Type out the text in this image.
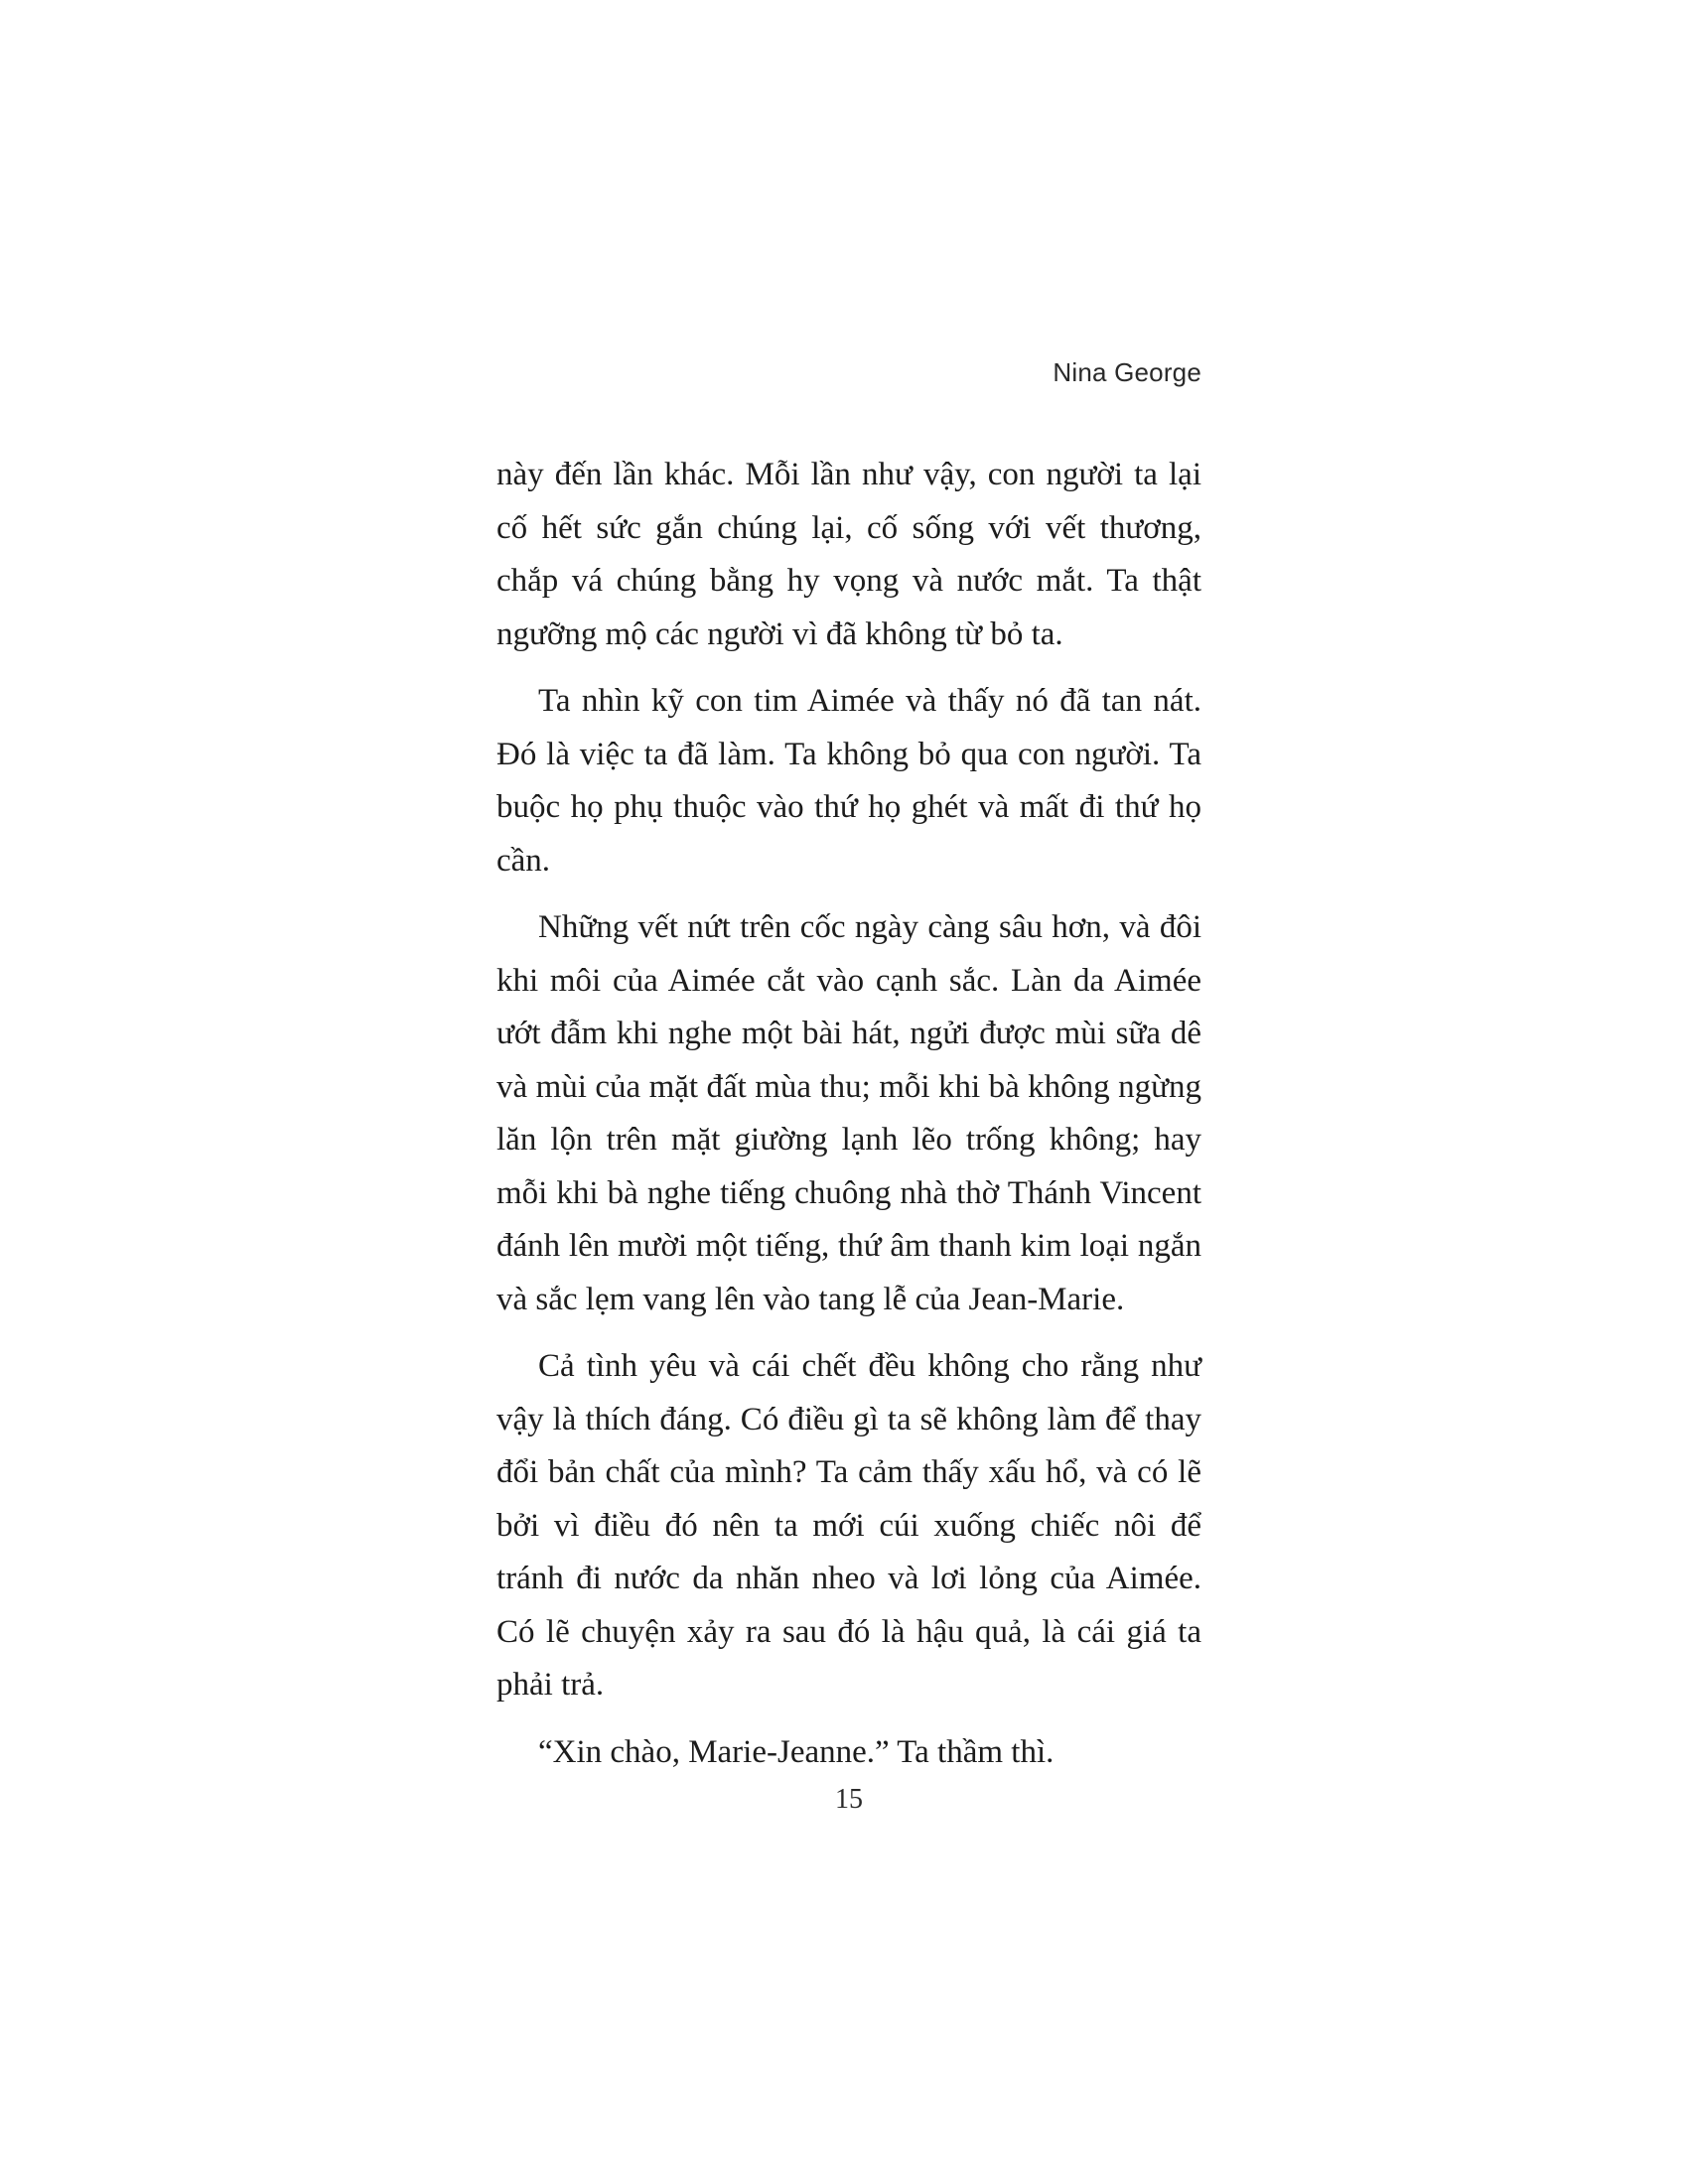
Nina George

này đến lần khác. Mỗi lần như vậy, con người ta lại cố hết sức gắn chúng lại, cố sống với vết thương, chắp vá chúng bằng hy vọng và nước mắt. Ta thật ngưỡng mộ các người vì đã không từ bỏ ta.

Ta nhìn kỹ con tim Aimée và thấy nó đã tan nát. Đó là việc ta đã làm. Ta không bỏ qua con người. Ta buộc họ phụ thuộc vào thứ họ ghét và mất đi thứ họ cần.

Những vết nứt trên cốc ngày càng sâu hơn, và đôi khi môi của Aimée cắt vào cạnh sắc. Làn da Aimée ướt đẫm khi nghe một bài hát, ngửi được mùi sữa dê và mùi của mặt đất mùa thu; mỗi khi bà không ngừng lăn lộn trên mặt giường lạnh lẽo trống không; hay mỗi khi bà nghe tiếng chuông nhà thờ Thánh Vincent đánh lên mười một tiếng, thứ âm thanh kim loại ngắn và sắc lẹm vang lên vào tang lễ của Jean-Marie.

Cả tình yêu và cái chết đều không cho rằng như vậy là thích đáng. Có điều gì ta sẽ không làm để thay đổi bản chất của mình? Ta cảm thấy xấu hổ, và có lẽ bởi vì điều đó nên ta mới cúi xuống chiếc nôi để tránh đi nước da nhăn nheo và lơi lỏng của Aimée. Có lẽ chuyện xảy ra sau đó là hậu quả, là cái giá ta phải trả.

“Xin chào, Marie-Jeanne.” Ta thầm thì.

15
